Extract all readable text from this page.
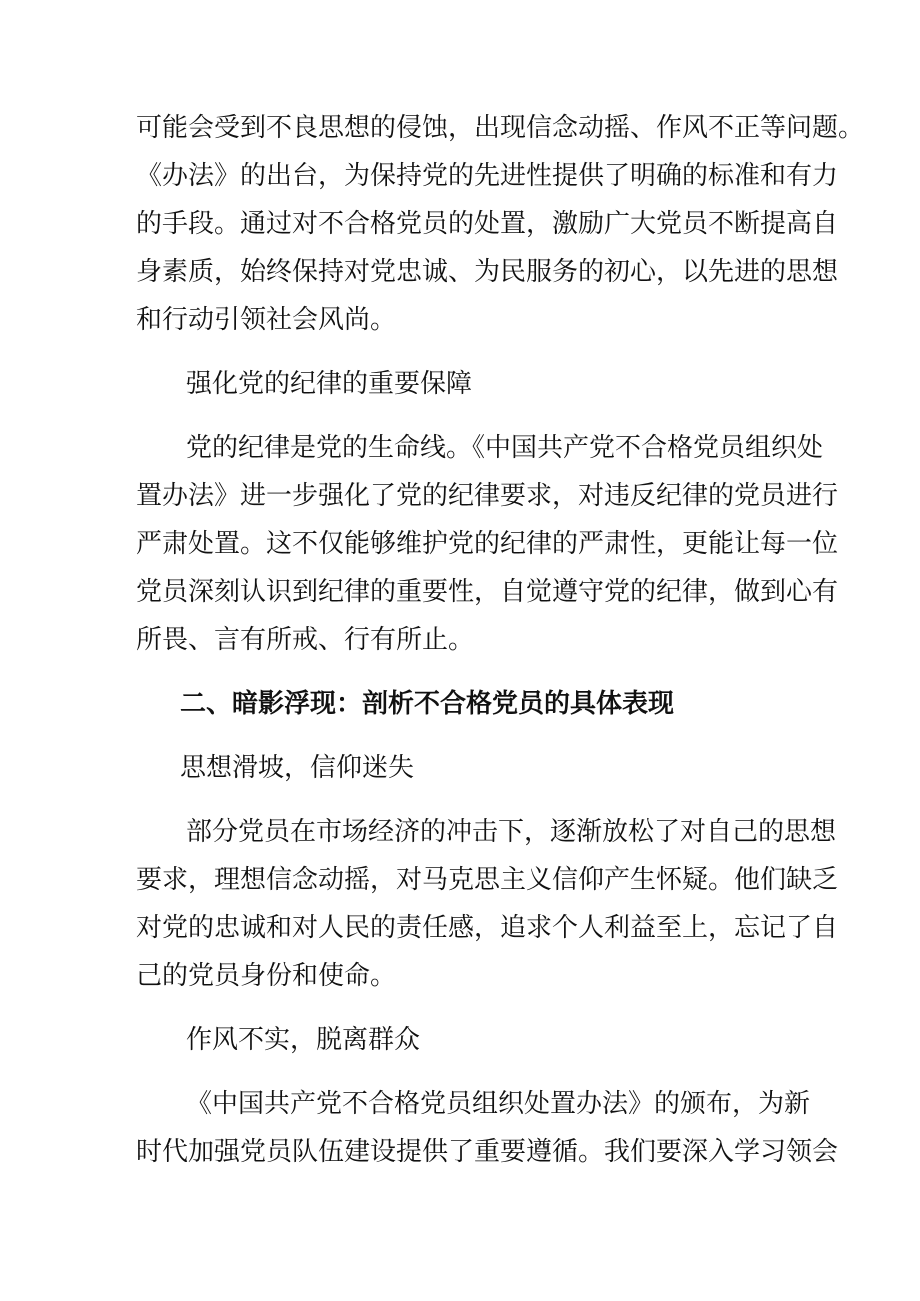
可能会受到不良思想的侵蚀，出现信念动摇、作风不正等问题。

《办法》的出台，为保持党的先进性提供了明确的标准和有力

的手段。通过对不合格党员的处置，激励广大党员不断提高自

身素质，始终保持对党忠诚、为民服务的初心，以先进的思想

和行动引领社会风尚。

强化党的纪律的重要保障

党的纪律是党的生命线。《中国共产党不合格党员组织处

置办法》进一步强化了党的纪律要求，对违反纪律的党员进行

严肃处置。这不仅能够维护党的纪律的严肃性，更能让每一位

党员深刻认识到纪律的重要性，自觉遵守党的纪律，做到心有

所畏、言有所戒、行有所止。

二、暗影浮现：剖析不合格党员的具体表现

思想滑坡，信仰迷失

部分党员在市场经济的冲击下，逐渐放松了对自己的思想

要求，理想信念动摇，对马克思主义信仰产生怀疑。他们缺乏

对党的忠诚和对人民的责任感，追求个人利益至上，忘记了自

己的党员身份和使命。

作风不实，脱离群众

《中国共产党不合格党员组织处置办法》的颁布，为新

时代加强党员队伍建设提供了重要遵循。我们要深入学习领会
